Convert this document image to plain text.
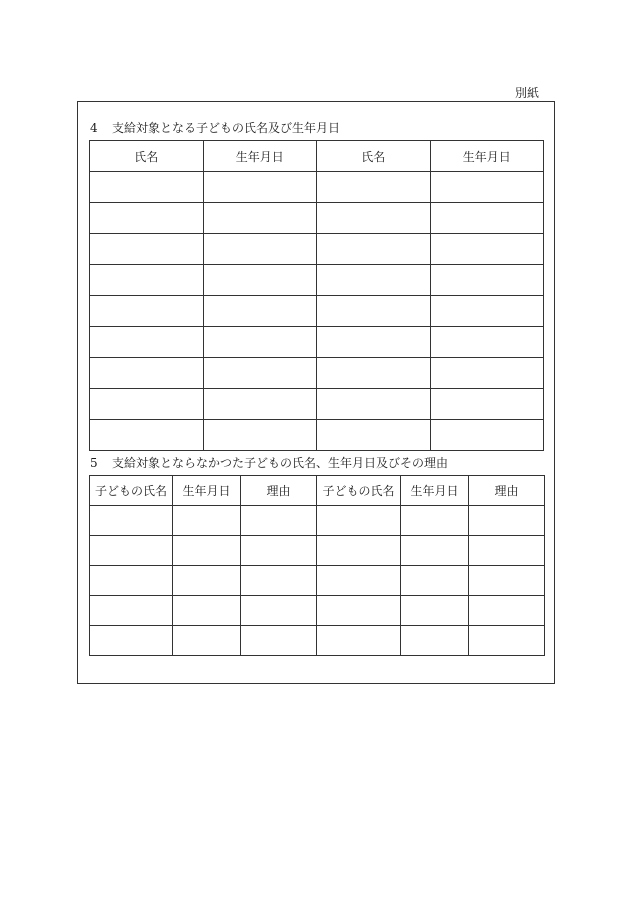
別紙
4 支給対象となる子どもの氏名及び生年月日
氏名	生年月日	氏名	生年月日

5 支給対象とならなかつた子どもの氏名、生年月日及びその理由
子どもの氏名	生年月日	理由	子どもの氏名	生年月日	理由
